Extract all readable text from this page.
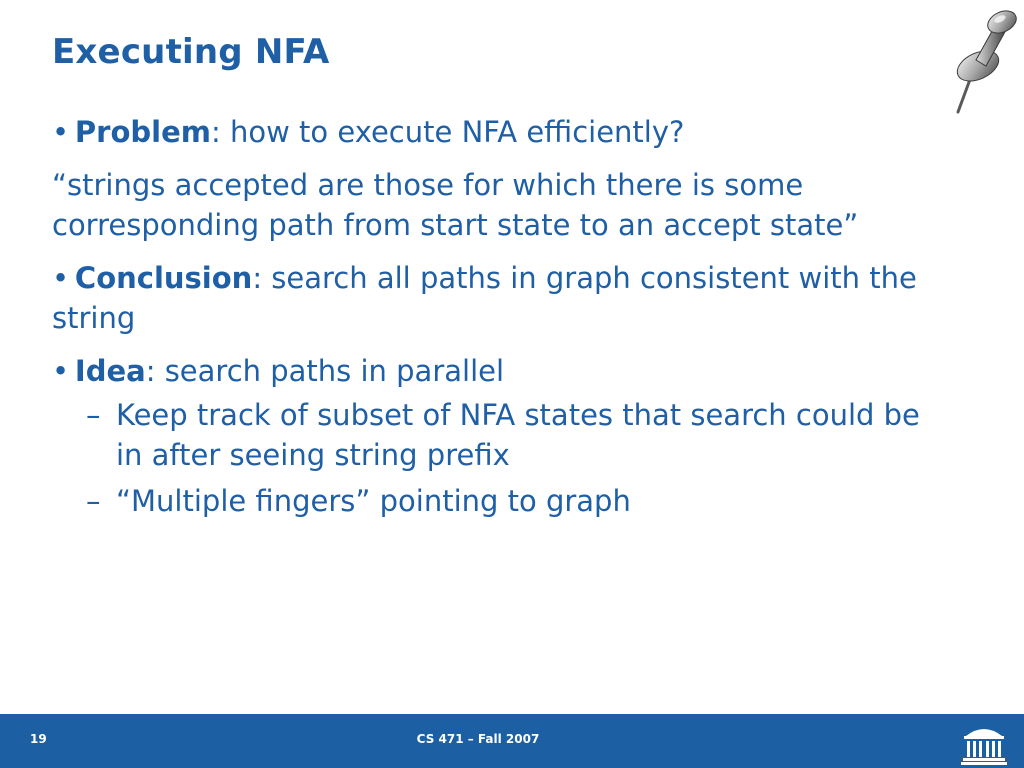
Executing NFA

• Problem: how to execute NFA efficiently?

“strings accepted are those for which there is some corresponding path from start state to an accept state”

• Conclusion: search all paths in graph consistent with the string

• Idea: search paths in parallel

– Keep track of subset of NFA states that search could be in after seeing string prefix

– “Multiple fingers” pointing to graph

19	CS 471 – Fall 2007
